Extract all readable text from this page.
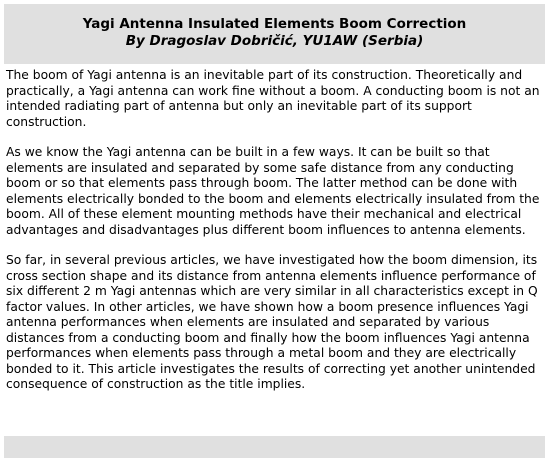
Yagi Antenna Insulated Elements Boom Correction
By Dragoslav Dobričić, YU1AW (Serbia)

The boom of Yagi antenna is an inevitable part of its construction. Theoretically and practically, a Yagi antenna can work fine without a boom. A conducting boom is not an intended radiating part of antenna but only an inevitable part of its support construction.

As we know the Yagi antenna can be built in a few ways. It can be built so that elements are insulated and separated by some safe distance from any conducting boom or so that elements pass through boom. The latter method can be done with elements electrically bonded to the boom and elements electrically insulated from the boom. All of these element mounting methods have their mechanical and electrical advantages and disadvantages plus different boom influences to antenna elements.

So far, in several previous articles, we have investigated how the boom dimension, its cross section shape and its distance from antenna elements influence performance of six different 2 m Yagi antennas which are very similar in all characteristics except in Q factor values. In other articles, we have shown how a boom presence influences Yagi antenna performances when elements are insulated and separated by various distances from a conducting boom and finally how the boom influences Yagi antenna performances when elements pass through a metal boom and they are electrically bonded to it. This article investigates the results of correcting yet another unintended consequence of construction as the title implies.
